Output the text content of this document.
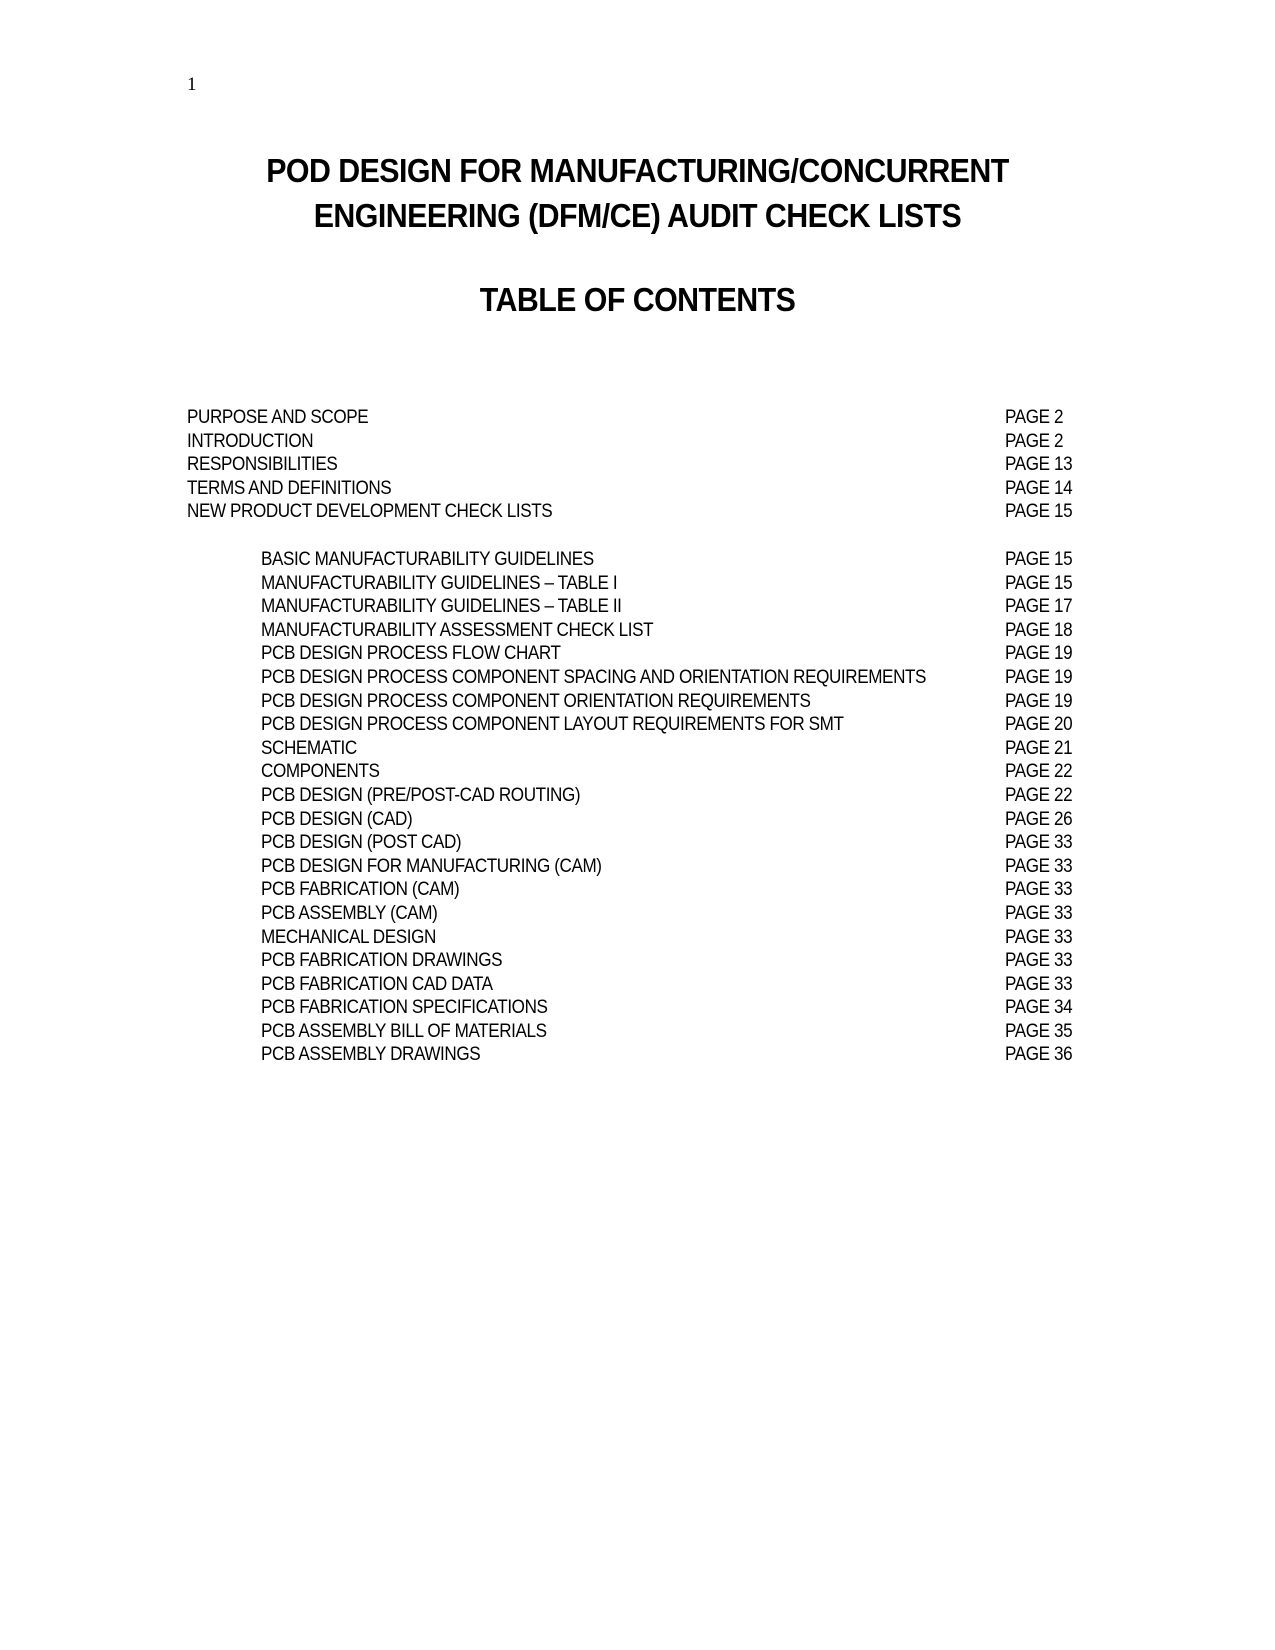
1
POD DESIGN FOR MANUFACTURING/CONCURRENT
ENGINEERING (DFM/CE) AUDIT CHECK LISTS
TABLE OF CONTENTS
PURPOSE AND SCOPE	PAGE 2
INTRODUCTION	PAGE 2
RESPONSIBILITIES	PAGE 13
TERMS AND DEFINITIONS	PAGE 14
NEW PRODUCT DEVELOPMENT CHECK LISTS	PAGE 15
BASIC MANUFACTURABILITY GUIDELINES	PAGE 15
MANUFACTURABILITY GUIDELINES – TABLE I	PAGE 15
MANUFACTURABILITY GUIDELINES – TABLE II	PAGE 17
MANUFACTURABILITY ASSESSMENT CHECK LIST	PAGE 18
PCB DESIGN PROCESS FLOW CHART	PAGE 19
PCB DESIGN PROCESS COMPONENT SPACING AND ORIENTATION REQUIREMENTS	PAGE 19
PCB DESIGN PROCESS COMPONENT ORIENTATION REQUIREMENTS	PAGE 19
PCB DESIGN PROCESS COMPONENT LAYOUT REQUIREMENTS FOR SMT	PAGE 20
SCHEMATIC	PAGE 21
COMPONENTS	PAGE 22
PCB DESIGN (PRE/POST-CAD ROUTING)	PAGE 22
PCB DESIGN (CAD)	PAGE 26
PCB DESIGN (POST CAD)	PAGE 33
PCB DESIGN FOR MANUFACTURING (CAM)	PAGE 33
PCB FABRICATION (CAM)	PAGE 33
PCB ASSEMBLY (CAM)	PAGE 33
MECHANICAL DESIGN	PAGE 33
PCB FABRICATION DRAWINGS	PAGE 33
PCB FABRICATION CAD DATA	PAGE 33
PCB FABRICATION SPECIFICATIONS	PAGE 34
PCB ASSEMBLY BILL OF MATERIALS	PAGE 35
PCB ASSEMBLY DRAWINGS	PAGE 36
